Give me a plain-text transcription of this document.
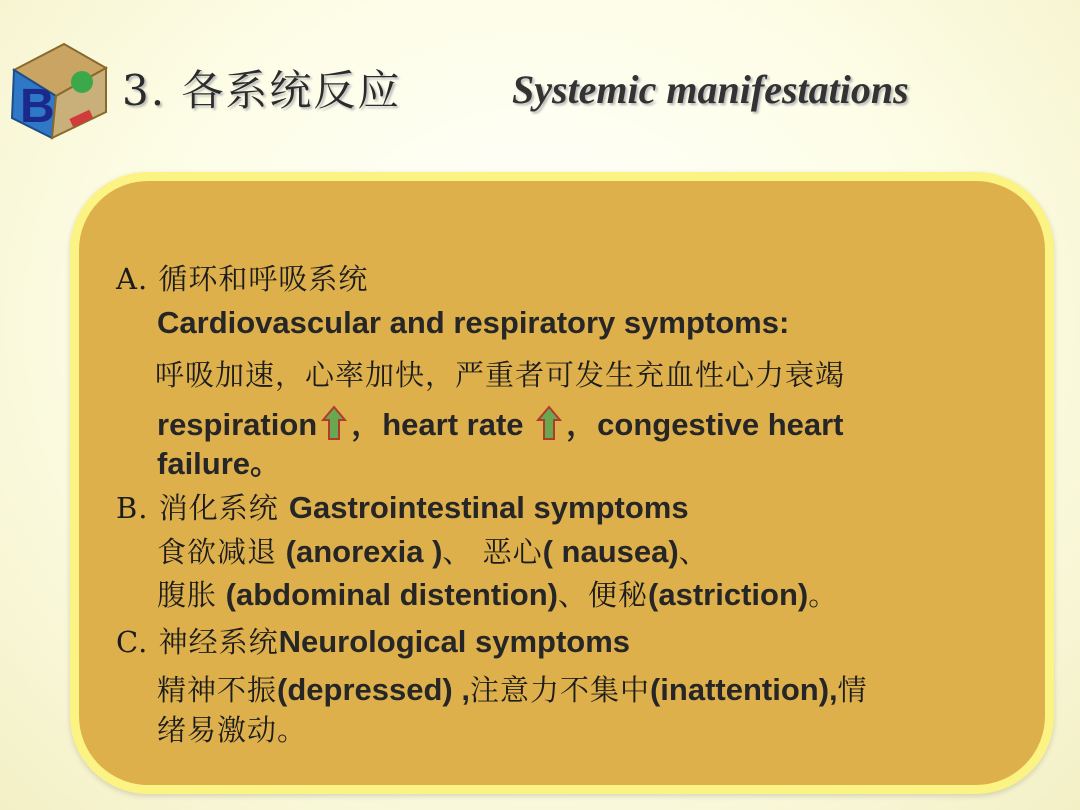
B 3. 各系统反应	Systemic manifestations
A. 循环和呼吸系统
Cardiovascular and respiratory symptoms:
呼吸加速，心率加快，严重者可发生充血性心力衰竭
respiration ，heart rate ，congestive heart
failure。
B. 消化系统 Gastrointestinal symptoms
食欲减退 (anorexia )、 恶心( nausea)、
腹胀 (abdominal distention)、便秘(astriction)。
C. 神经系统Neurological symptoms
精神不振(depressed) ,注意力不集中(inattention),情
绪易激动。
